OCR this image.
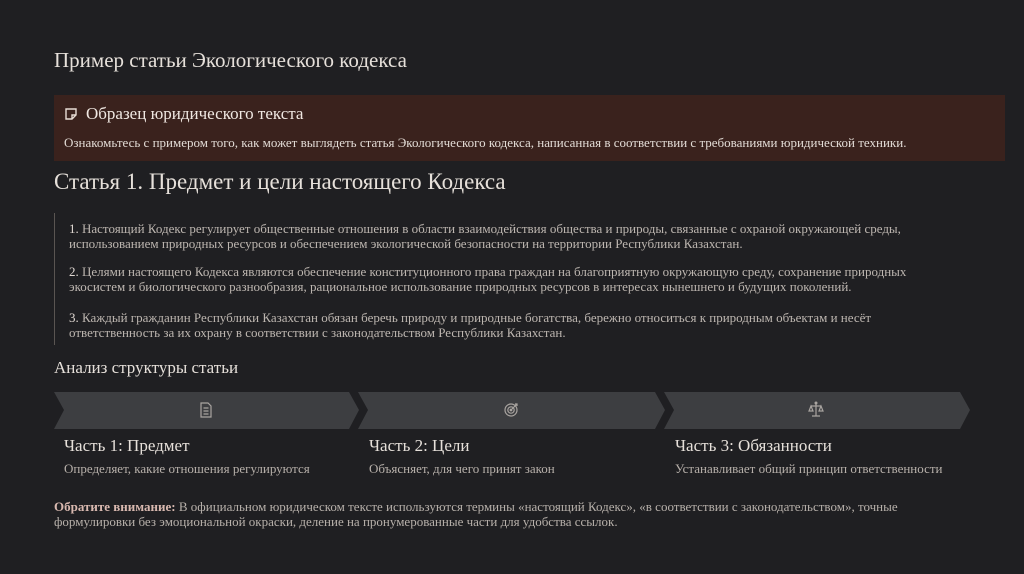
Пример статьи Экологического кодекса
Образец юридического текста
Ознакомьтесь с примером того, как может выглядеть статья Экологического кодекса, написанная в соответствии с требованиями юридической техники.
Статья 1. Предмет и цели настоящего Кодекса

1. Настоящий Кодекс регулирует общественные отношения в области взаимодействия общества и природы, связанные с охраной окружающей среды, использованием природных ресурсов и обеспечением экологической безопасности на территории Республики Казахстан.

2. Целями настоящего Кодекса являются обеспечение конституционного права граждан на благоприятную окружающую среду, сохранение природных экосистем и биологического разнообразия, рациональное использование природных ресурсов в интересах нынешнего и будущих поколений.

3. Каждый гражданин Республики Казахстан обязан беречь природу и природные богатства, бережно относиться к природным объектам и несёт ответственность за их охрану в соответствии с законодательством Республики Казахстан.

Анализ структуры статьи
Часть 1: Предмет
Определяет, какие отношения регулируются
Часть 2: Цели
Объясняет, для чего принят закон
Часть 3: Обязанности
Устанавливает общий принцип ответственности
Обратите внимание: В официальном юридическом тексте используются термины «настоящий Кодекс», «в соответствии с законодательством», точные формулировки без эмоциональной окраски, деление на пронумерованные части для удобства ссылок.
